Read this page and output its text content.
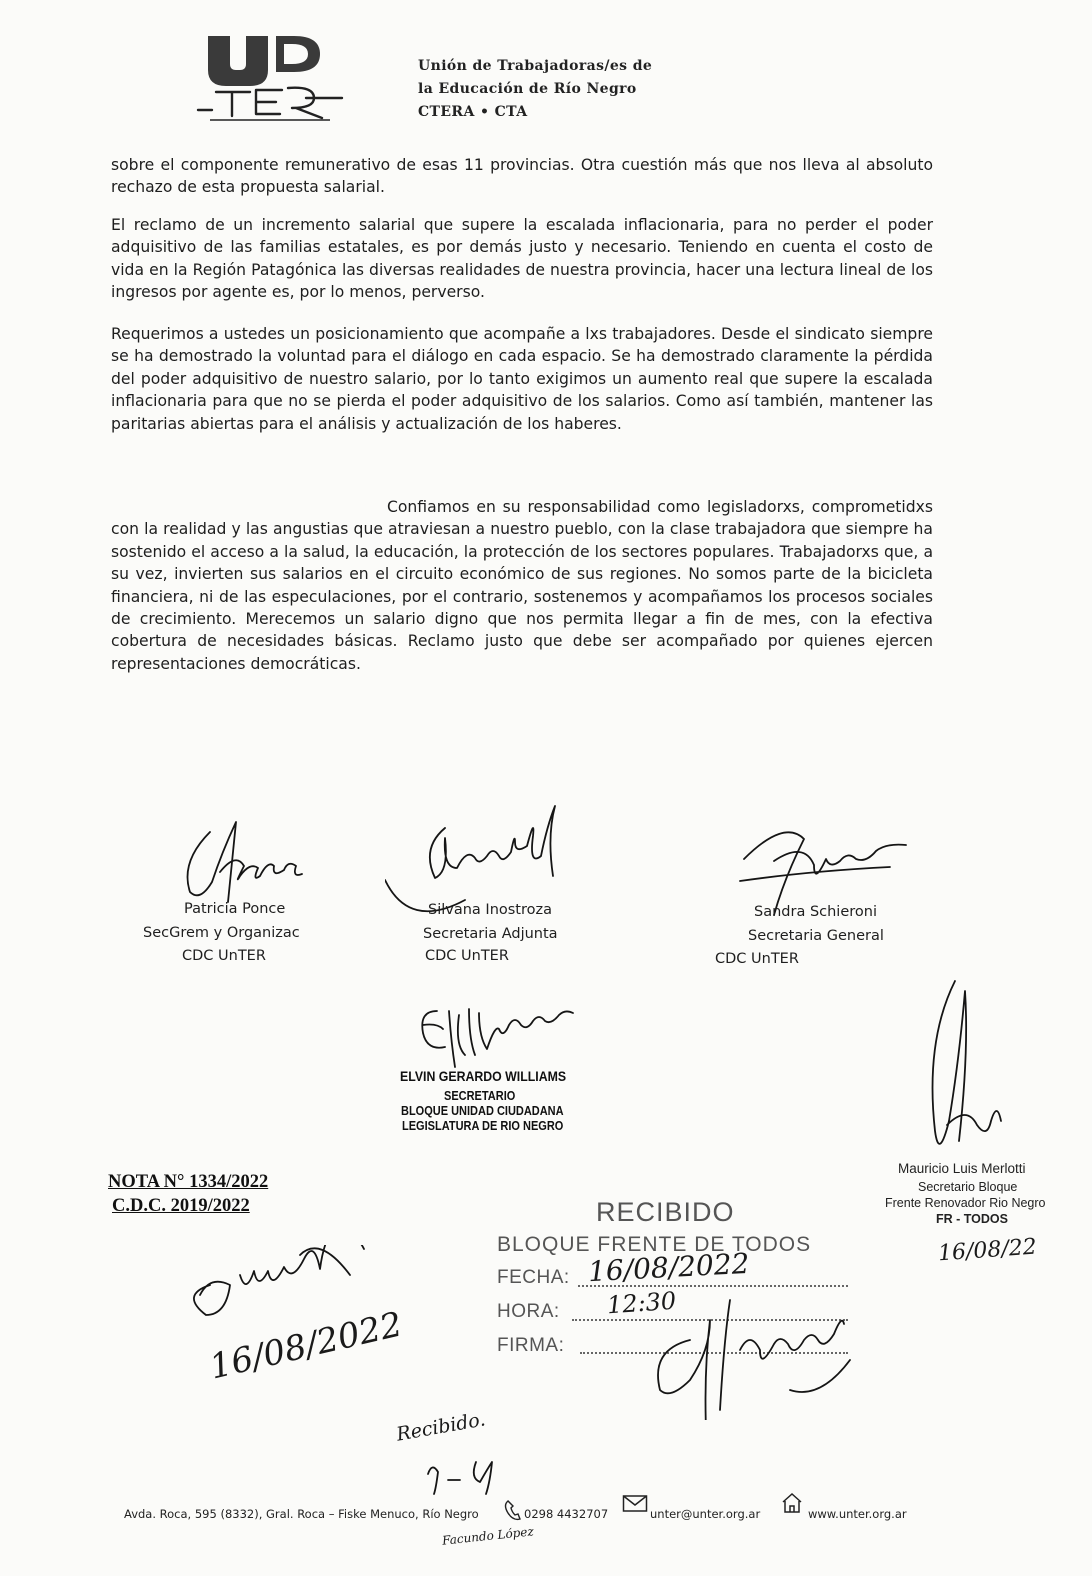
UnTER
Unión de Trabajadoras/es de
la Educación de Río Negro
CTERA • CTA
sobre el componente remunerativo de esas 11 provincias. Otra cuestión más que nos lleva al absoluto rechazo de esta propuesta salarial.
El reclamo de un incremento salarial que supere la escalada inflacionaria, para no perder el poder adquisitivo de las familias estatales, es por demás justo y necesario. Teniendo en cuenta el costo de vida en la Región Patagónica las diversas realidades de nuestra provincia, hacer una lectura lineal de los ingresos por agente es, por lo menos, perverso.
Requerimos a ustedes un posicionamiento que acompañe a lxs trabajadores. Desde el sindicato siempre se ha demostrado la voluntad para el diálogo en cada espacio. Se ha demostrado claramente la pérdida del poder adquisitivo de nuestro salario, por lo tanto exigimos un aumento real que supere la escalada inflacionaria para que no se pierda el poder adquisitivo de los salarios. Como así también, mantener las paritarias abiertas para el análisis y actualización de los haberes.
Confiamos en su responsabilidad como legisladorxs, comprometidxs con la realidad y las angustias que atraviesan a nuestro pueblo, con la clase trabajadora que siempre ha sostenido el acceso a la salud, la educación, la protección de los sectores populares. Trabajadorxs que, a su vez, invierten sus salarios en el circuito económico de sus regiones. No somos parte de la bicicleta financiera, ni de las especulaciones, por el contrario, sostenemos y acompañamos los procesos sociales de crecimiento. Merecemos un salario digno que nos permita llegar a fin de mes, con la efectiva cobertura de necesidades básicas. Reclamo justo que debe ser acompañado por quienes ejercen representaciones democráticas.
Patricia Ponce
SecGrem y Organizac
CDC UnTER
Silvana Inostroza
Secretaria Adjunta
CDC UnTER
Sandra Schieroni
Secretaria General
CDC UnTER
ELVIN GERARDO WILLIAMS
SECRETARIO
BLOQUE UNIDAD CIUDADANA
LEGISLATURA DE RIO NEGRO
Mauricio Luis Merlotti
Secretario Bloque
Frente Renovador Rio Negro
FR - TODOS
16/08/22
NOTA N° 1334/2022
C.D.C. 2019/2022	RECIBIDO
BLOQUE FRENTE DE TODOS
FECHA: 16/08/2022
HORA: 12:30
FIRMA:
16/08/2022
Recibido.
Facundo López
Avda. Roca, 595 (8332), Gral. Roca – Fiske Menuco, Río Negro	0298 4432707	unter@unter.org.ar	www.unter.org.ar
